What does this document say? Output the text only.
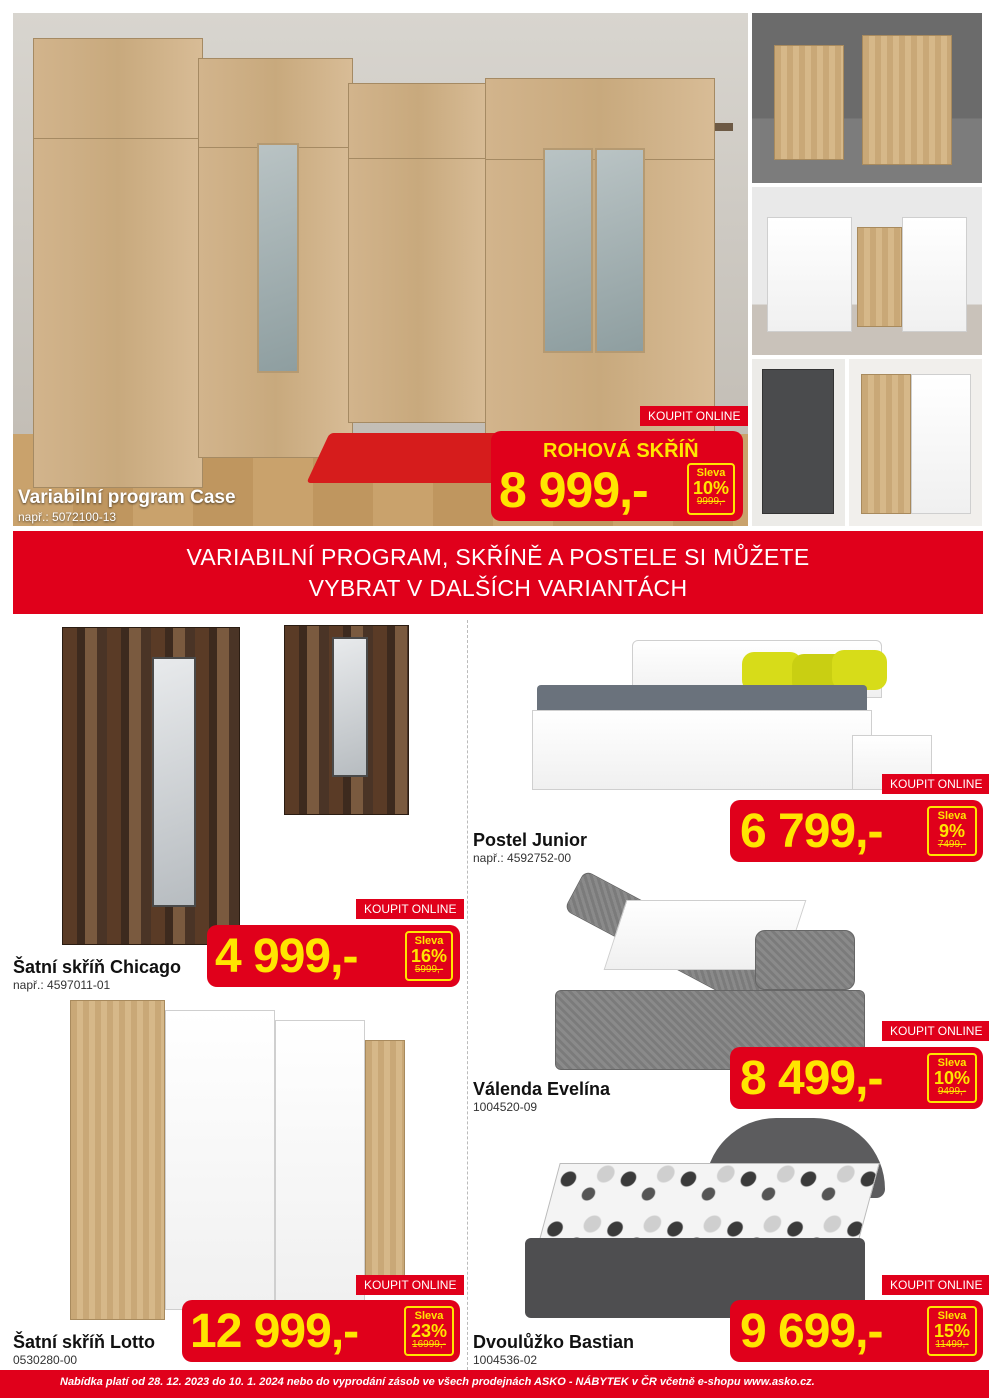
Variabilní program Case
např.: 5072100-13
KOUPIT ONLINE
ROHOVÁ SKŘÍŇ
8 999,-	Sleva
10%
9999,-
VARIABILNÍ PROGRAM, SKŘÍNĚ A POSTELE SI MŮŽETE
VYBRAT V DALŠÍCH VARIANTÁCH
KOUPIT ONLINE
4 999,-	Sleva
16%
5999,-
Šatní skříň Chicago
např.: 4597011-01
KOUPIT ONLINE
12 999,-	Sleva
23%
16999,-
Šatní skříň Lotto
0530280-00
KOUPIT ONLINE
6 799,-	Sleva
9%
7499,-
Postel Junior
např.: 4592752-00
KOUPIT ONLINE
8 499,-	Sleva
10%
9499,-
Válenda Evelína
1004520-09
KOUPIT ONLINE
9 699,-	Sleva
15%
11499,-
Dvoulůžko Bastian
1004536-02
Nabídka platí od 28. 12. 2023 do 10. 1. 2024 nebo do vyprodání zásob ve všech prodejnách ASKO - NÁBYTEK v ČR včetně e-shopu www.asko.cz.
